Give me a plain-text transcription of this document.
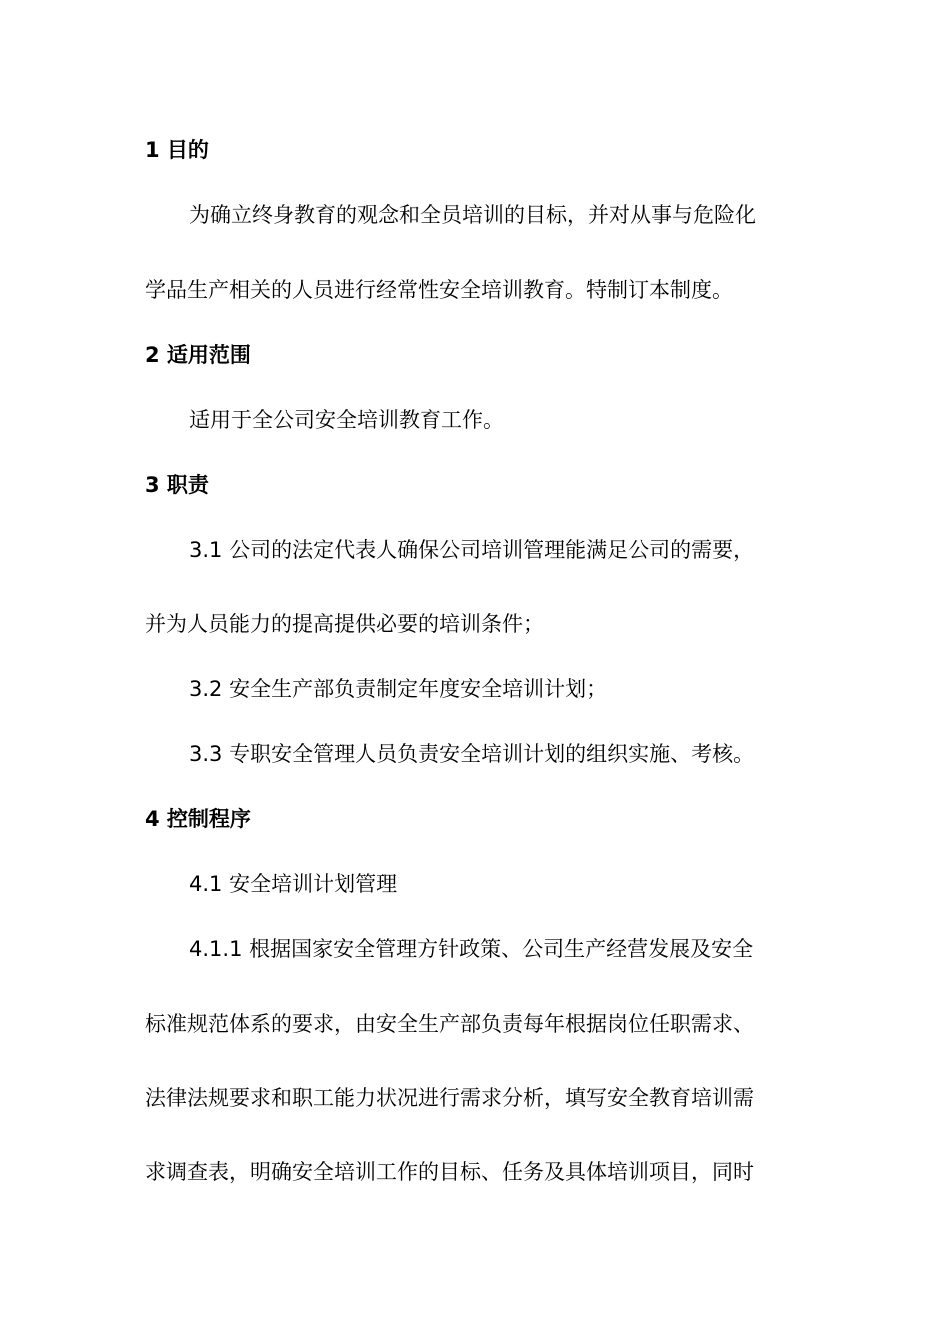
1 目的
为确立终身教育的观念和全员培训的目标，并对从事与危险化
学品生产相关的人员进行经常性安全培训教育。特制订本制度。
2 适用范围
适用于全公司安全培训教育工作。
3 职责
3.1 公司的法定代表人确保公司培训管理能满足公司的需要，
并为人员能力的提高提供必要的培训条件；
3.2 安全生产部负责制定年度安全培训计划；
3.3 专职安全管理人员负责安全培训计划的组织实施、考核。
4 控制程序
4.1 安全培训计划管理
4.1.1 根据国家安全管理方针政策、公司生产经营发展及安全
标准规范体系的要求，由安全生产部负责每年根据岗位任职需求、
法律法规要求和职工能力状况进行需求分析，填写安全教育培训需
求调查表，明确安全培训工作的目标、任务及具体培训项目，同时
